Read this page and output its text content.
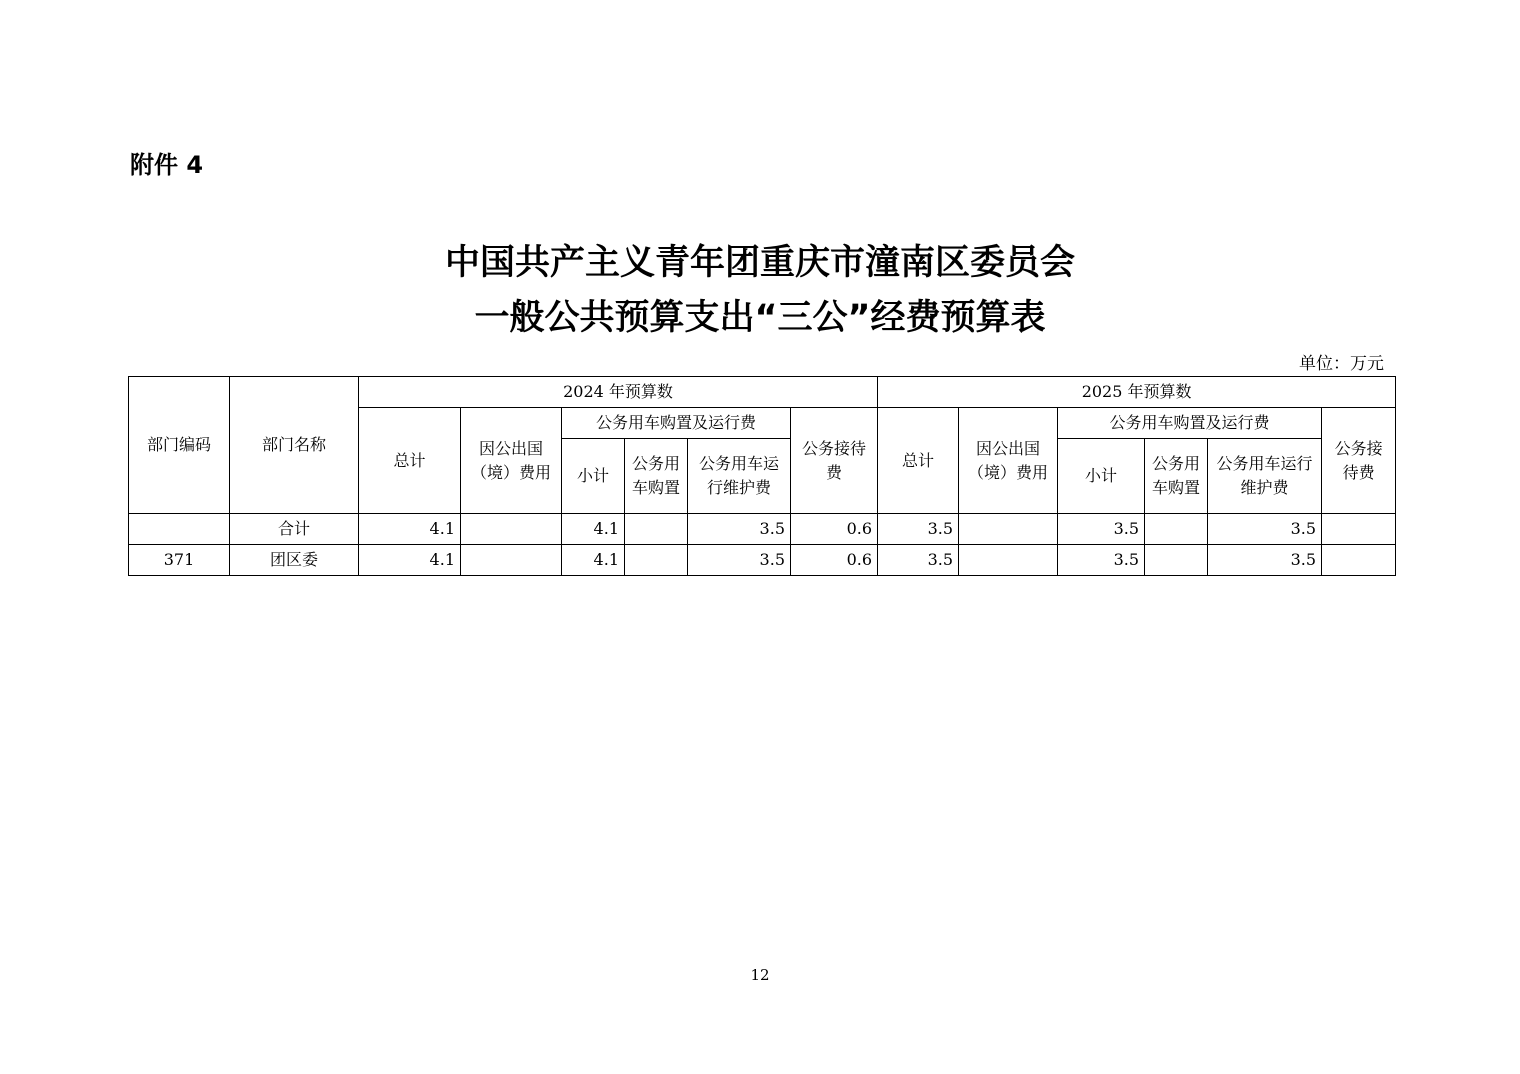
附件 4
中国共产主义青年团重庆市潼南区委员会
一般公共预算支出“三公”经费预算表
单位：万元
部门编码	部门名称	2024 年预算数						2025 年预算数					
		总计	因公出国（境）费用	公务用车购置及运行费			公务接待费	总计	因公出国（境）费用	公务用车购置及运行费			公务接待费
				小计	公务用车购置	公务用车运行维护费				小计	公务用车购置	公务用车运行维护费	
	合计	4.1		4.1		3.5	0.6	3.5		3.5		3.5	
371	团区委	4.1		4.1		3.5	0.6	3.5		3.5		3.5	
12
